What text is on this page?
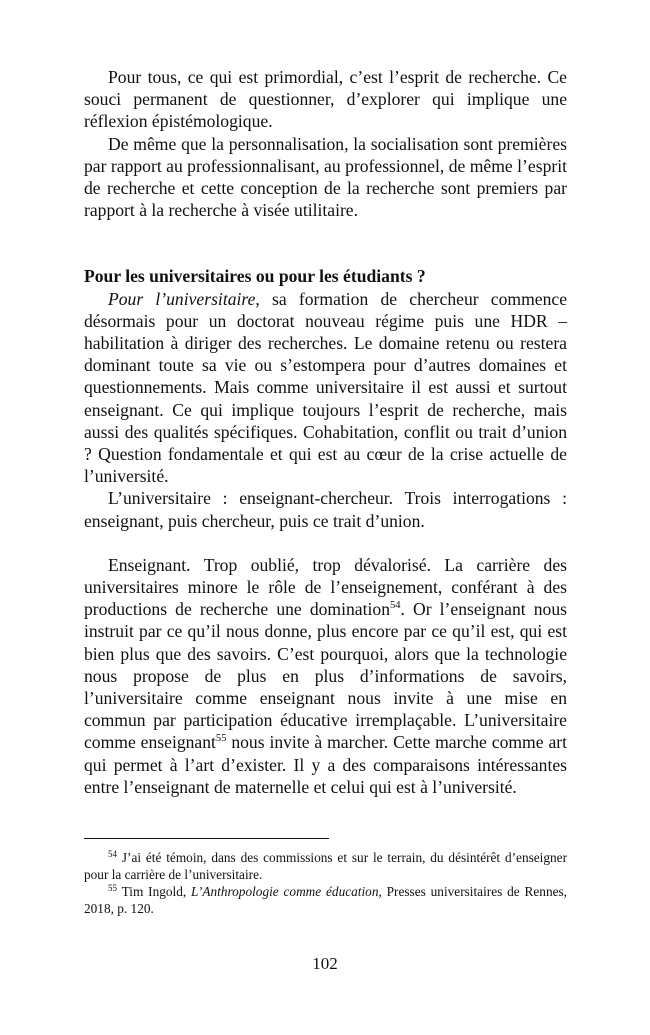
Pour tous, ce qui est primordial, c’est l’esprit de recherche. Ce souci permanent de questionner, d’explorer qui implique une réflexion épistémologique.

De même que la personnalisation, la socialisation sont premières par rapport au professionnalisant, au professionnel, de même l’esprit de recherche et cette conception de la recherche sont premiers par rapport à la recherche à visée utilitaire.

Pour les universitaires ou pour les étudiants ?

Pour l’universitaire, sa formation de chercheur commence désormais pour un doctorat nouveau régime puis une HDR – habilitation à diriger des recherches. Le domaine retenu ou restera dominant toute sa vie ou s’estompera pour d’autres domaines et questionnements. Mais comme universitaire il est aussi et surtout enseignant. Ce qui implique toujours l’esprit de recherche, mais aussi des qualités spécifiques. Cohabitation, conflit ou trait d’union ? Question fondamentale et qui est au cœur de la crise actuelle de l’université.

L’universitaire : enseignant-chercheur. Trois interrogations : enseignant, puis chercheur, puis ce trait d’union.

Enseignant. Trop oublié, trop dévalorisé. La carrière des universitaires minore le rôle de l’enseignement, conférant à des productions de recherche une domination$^{54}$. Or l’enseignant nous instruit par ce qu’il nous donne, plus encore par ce qu’il est, qui est bien plus que des savoirs. C’est pourquoi, alors que la technologie nous propose de plus en plus d’informations de savoirs, l’universitaire comme enseignant nous invite à une mise en commun par participation éducative irremplaçable. L’universitaire comme enseignant$^{55}$ nous invite à marcher. Cette marche comme art qui permet à l’art d’exister. Il y a des comparaisons intéressantes entre l’enseignant de maternelle et celui qui est à l’université.

$^{54}$ J’ai été témoin, dans des commissions et sur le terrain, du désintérêt d’enseigner pour la carrière de l’universitaire.

$^{55}$ Tim Ingold, L’Anthropologie comme éducation, Presses universitaires de Rennes, 2018, p. 120.

102
